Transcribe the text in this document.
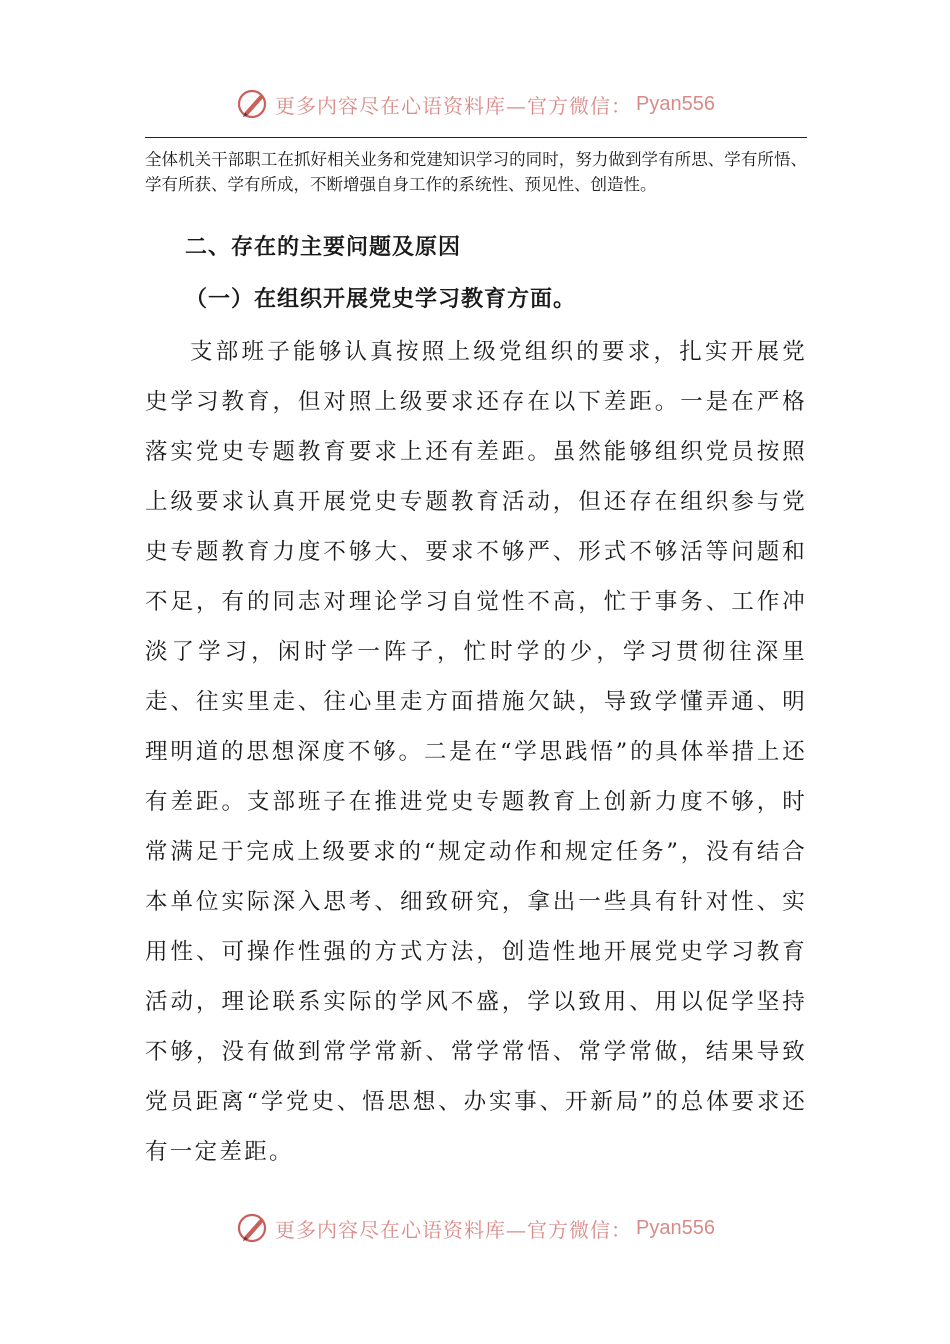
更多内容尽在心语资料库—官方微信： Pyan556

全体机关干部职工在抓好相关业务和党建知识学习的同时，努力做到学有所思、学有所悟、学有所获、学有所成，不断增强自身工作的系统性、预见性、创造性。

二、存在的主要问题及原因
（一）在组织开展党史学习教育方面。

支部班子能够认真按照上级党组织的要求，扎实开展党史学习教育，但对照上级要求还存在以下差距。一是在严格落实党史专题教育要求上还有差距。虽然能够组织党员按照上级要求认真开展党史专题教育活动，但还存在组织参与党史专题教育力度不够大、要求不够严、形式不够活等问题和不足，有的同志对理论学习自觉性不高，忙于事务、工作冲淡了学习，闲时学一阵子，忙时学的少，学习贯彻往深里走、往实里走、往心里走方面措施欠缺，导致学懂弄通、明理明道的思想深度不够。二是在“学思践悟”的具体举措上还有差距。支部班子在推进党史专题教育上创新力度不够，时常满足于完成上级要求的“规定动作和规定任务”，没有结合本单位实际深入思考、细致研究，拿出一些具有针对性、实用性、可操作性强的方式方法，创造性地开展党史学习教育活动，理论联系实际的学风不盛，学以致用、用以促学坚持不够，没有做到常学常新、常学常悟、常学常做，结果导致党员距离“学党史、悟思想、办实事、开新局”的总体要求还有一定差距。

更多内容尽在心语资料库—官方微信： Pyan556
